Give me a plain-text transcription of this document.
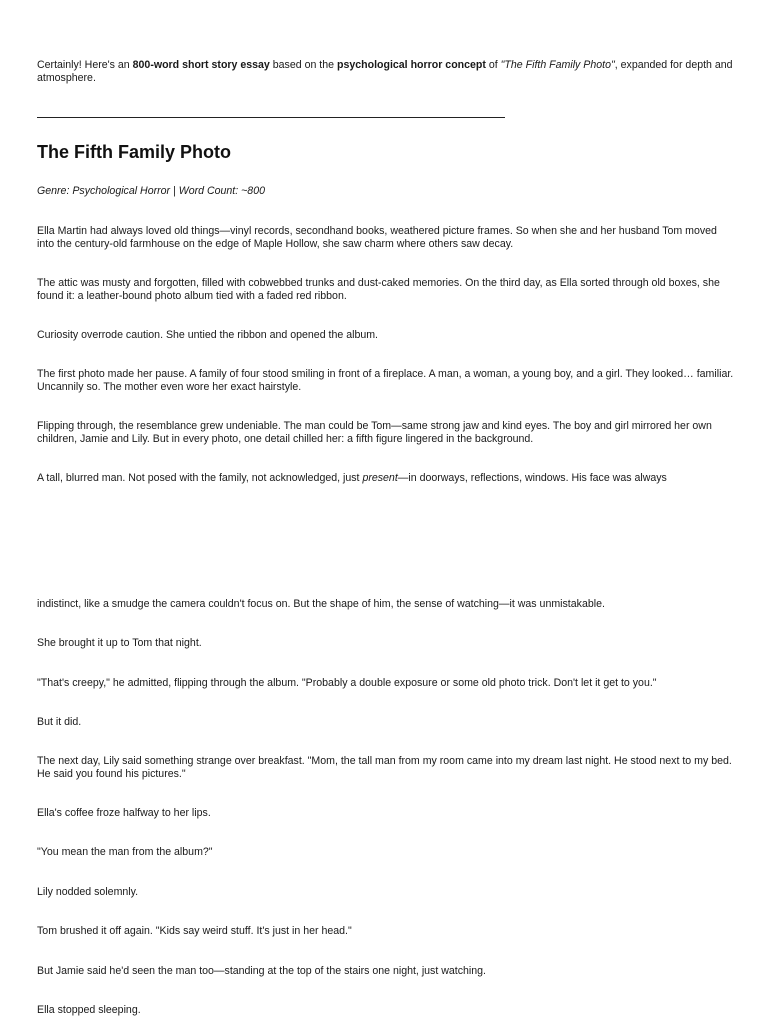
Certainly! Here's an 800-word short story essay based on the psychological horror concept of "The Fifth Family Photo", expanded for depth and atmosphere.

The Fifth Family Photo

Genre: Psychological Horror | Word Count: ~800

Ella Martin had always loved old things—vinyl records, secondhand books, weathered picture frames. So when she and her husband Tom moved into the century-old farmhouse on the edge of Maple Hollow, she saw charm where others saw decay.

The attic was musty and forgotten, filled with cobwebbed trunks and dust-caked memories. On the third day, as Ella sorted through old boxes, she found it: a leather-bound photo album tied with a faded red ribbon.

Curiosity overrode caution. She untied the ribbon and opened the album.

The first photo made her pause. A family of four stood smiling in front of a fireplace. A man, a woman, a young boy, and a girl. They looked… familiar. Uncannily so. The mother even wore her exact hairstyle.

Flipping through, the resemblance grew undeniable. The man could be Tom—same strong jaw and kind eyes. The boy and girl mirrored her own children, Jamie and Lily. But in every photo, one detail chilled her: a fifth figure lingered in the background.

A tall, blurred man. Not posed with the family, not acknowledged, just present—in doorways, reflections, windows. His face was always

indistinct, like a smudge the camera couldn't focus on. But the shape of him, the sense of watching—it was unmistakable.

She brought it up to Tom that night.

"That's creepy," he admitted, flipping through the album. "Probably a double exposure or some old photo trick. Don't let it get to you."

But it did.

The next day, Lily said something strange over breakfast. "Mom, the tall man from my room came into my dream last night. He stood next to my bed. He said you found his pictures."

Ella's coffee froze halfway to her lips.

"You mean the man from the album?"

Lily nodded solemnly.

Tom brushed it off again. "Kids say weird stuff. It's just in her head."

But Jamie said he'd seen the man too—standing at the top of the stairs one night, just watching.

Ella stopped sleeping.
